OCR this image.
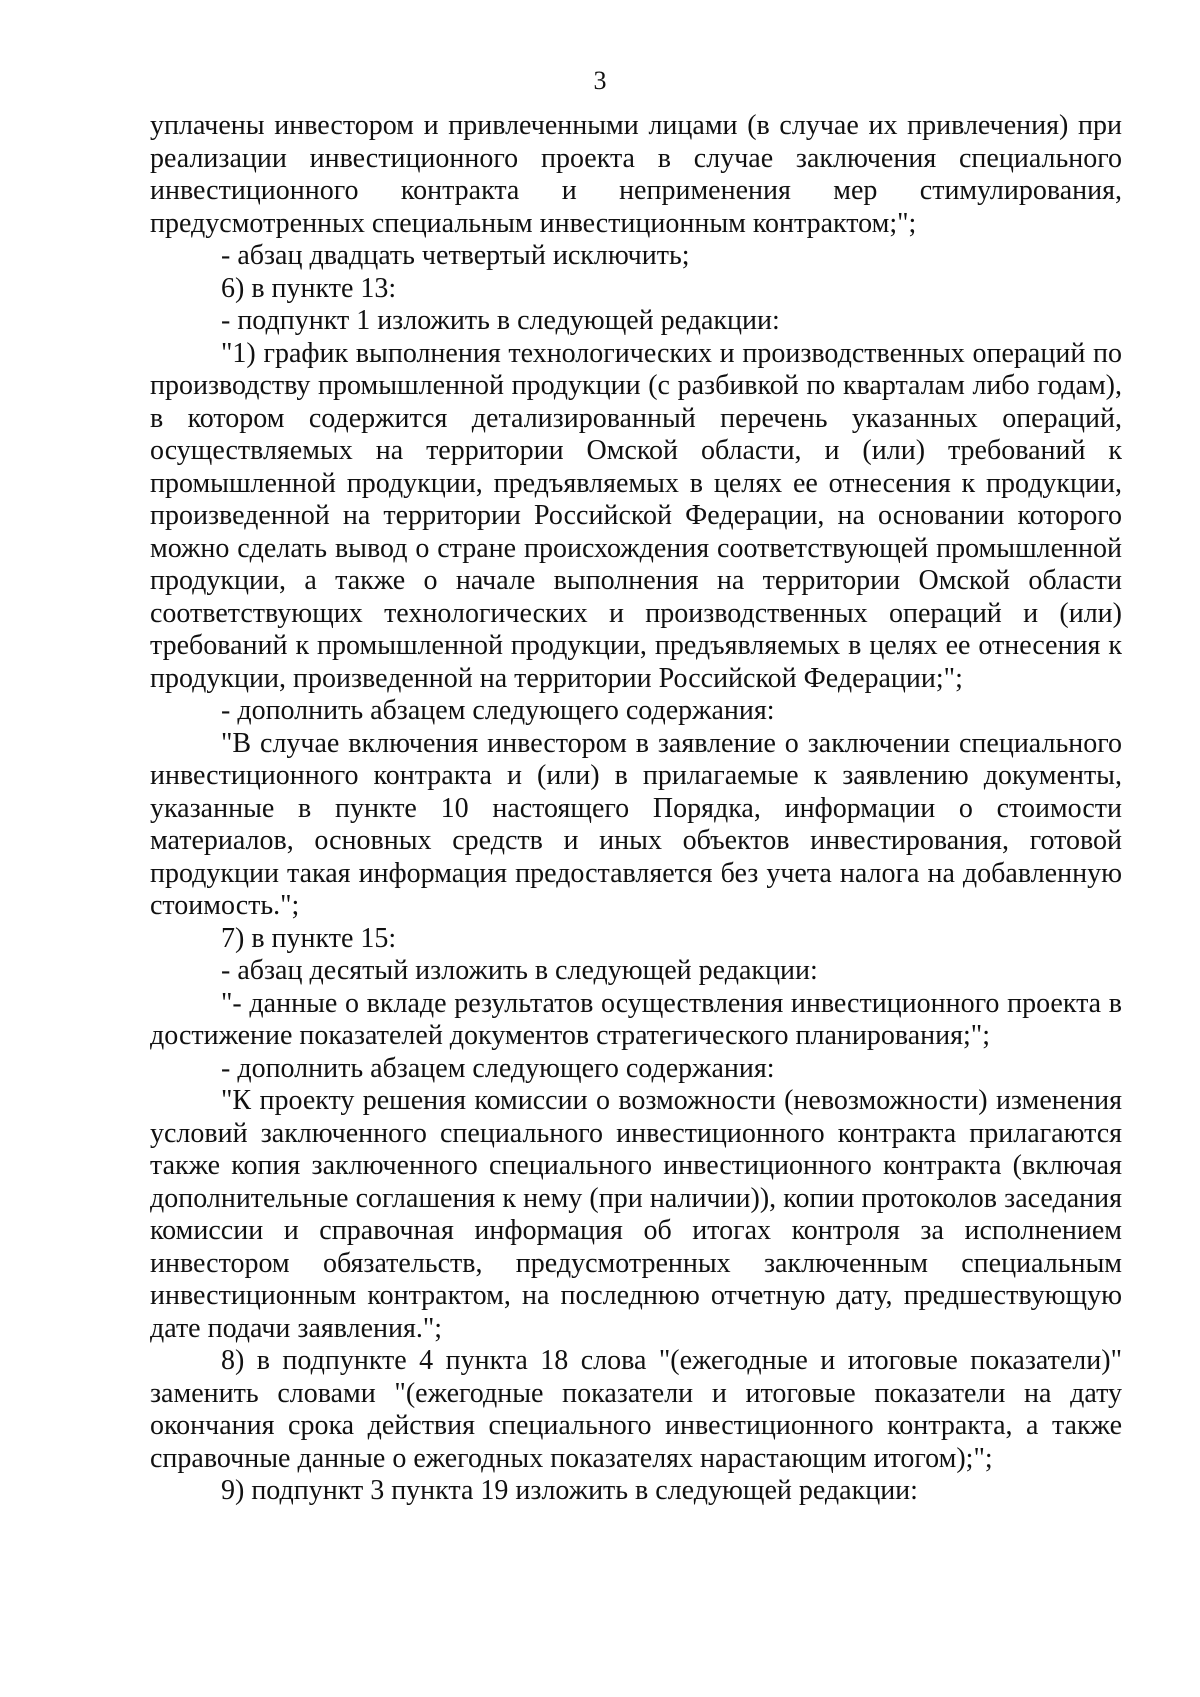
3

уплачены инвестором и привлеченными лицами (в случае их привлечения) при реализации инвестиционного проекта в случае заключения специального инвестиционного контракта и неприменения мер стимулирования, предусмотренных специальным инвестиционным контрактом;";

- абзац двадцать четвертый исключить;

6) в пункте 13:

- подпункт 1 изложить в следующей редакции:

"1) график выполнения технологических и производственных операций по производству промышленной продукции (с разбивкой по кварталам либо годам), в котором содержится детализированный перечень указанных операций, осуществляемых на территории Омской области, и (или) требований к промышленной продукции, предъявляемых в целях ее отнесения к продукции, произведенной на территории Российской Федерации, на основании которого можно сделать вывод о стране происхождения соответствующей промышленной продукции, а также о начале выполнения на территории Омской области соответствующих технологических и производственных операций и (или) требований к промышленной продукции, предъявляемых в целях ее отнесения к продукции, произведенной на территории Российской Федерации;";

- дополнить абзацем следующего содержания:

"В случае включения инвестором в заявление о заключении специального инвестиционного контракта и (или) в прилагаемые к заявлению документы, указанные в пункте 10 настоящего Порядка, информации о стоимости материалов, основных средств и иных объектов инвестирования, готовой продукции такая информация предоставляется без учета налога на добавленную стоимость.";

7) в пункте 15:

- абзац десятый изложить в следующей редакции:

"- данные о вкладе результатов осуществления инвестиционного проекта в достижение показателей документов стратегического планирования;";

- дополнить абзацем следующего содержания:

"К проекту решения комиссии о возможности (невозможности) изменения условий заключенного специального инвестиционного контракта прилагаются также копия заключенного специального инвестиционного контракта (включая дополнительные соглашения к нему (при наличии)), копии протоколов заседания комиссии и справочная информация об итогах контроля за исполнением инвестором обязательств, предусмотренных заключенным специальным инвестиционным контрактом, на последнюю отчетную дату, предшествующую дате подачи заявления.";

8) в подпункте 4 пункта 18 слова "(ежегодные и итоговые показатели)" заменить словами "(ежегодные показатели и итоговые показатели на дату окончания срока действия специального инвестиционного контракта, а также справочные данные о ежегодных показателях нарастающим итогом);";

9) подпункт 3 пункта 19 изложить в следующей редакции:
